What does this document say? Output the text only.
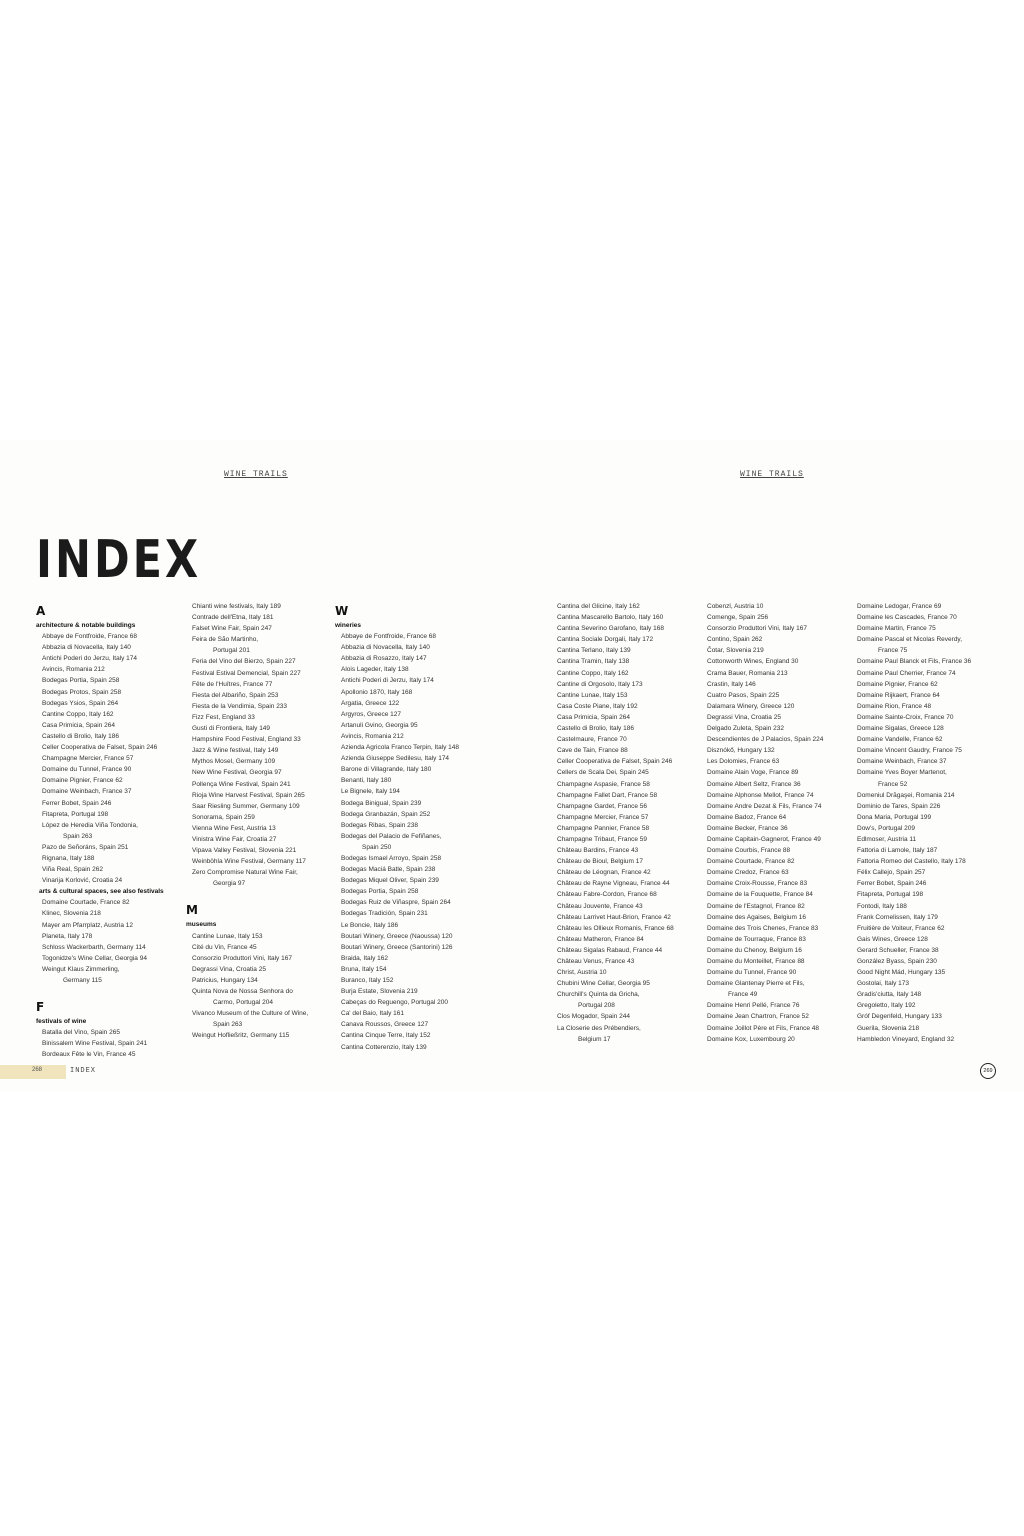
WINE TRAILS	WINE TRAILS
INDEX
A
architecture & notable buildings
Abbaye de Fontfroide, France 68
Abbazia di Novacella, Italy 140
Antichi Poderi do Jerzu, Italy 174
Avincis, Romania 212
Bodegas Portia, Spain 258
Bodegas Protos, Spain 258
Bodegas Ysios, Spain 264
Cantine Coppo, Italy 162
Casa Primicia, Spain 264
Castello di Brolio, Italy 186
Celler Cooperativa de Falset, Spain 246
Champagne Mercier, France 57
Domaine du Tunnel, France 90
Domaine Pignier, France 62
Domaine Weinbach, France 37
Ferrer Bobet, Spain 246
Fitapreta, Portugal 198
López de Heredia Viña Tondonia,
Spain 263
Pazo de Señoráns, Spain 251
Rignana, Italy 188
Viña Real, Spain 262
Vinarija Korlović, Croatia 24
arts & cultural spaces, see also festivals
Domaine Courtade, France 82
Klinec, Slovenia 218
Mayer am Pfarrplatz, Austria 12
Planeta, Italy 178
Schloss Wackerbarth, Germany 114
Togonidze's Wine Cellar, Georgia 94
Weingut Klaus Zimmerling,
Germany 115
F
festivals of wine
Batalla del Vino, Spain 265
Binissalem Wine Festival, Spain 241
Bordeaux Fête le Vin, France 45
Chianti wine festivals, Italy 189
Contrade dell'Etna, Italy 181
Falset Wine Fair, Spain 247
Feira de São Martinho,
Portugal 201
Feria del Vino del Bierzo, Spain 227
Festival Estival Demencial, Spain 227
Fête de l'Huîtres, France 77
Fiesta del Albariño, Spain 253
Fiesta de la Vendimia, Spain 233
Fizz Fest, England 33
Gusti di Frontiera, Italy 149
Hampshire Food Festival, England 33
Jazz & Wine festival, Italy 149
Mythos Mosel, Germany 109
New Wine Festival, Georgia 97
Pollença Wine Festival, Spain 241
Rioja Wine Harvest Festival, Spain 265
Saar Riesling Summer, Germany 109
Sonorama, Spain 259
Vienna Wine Fest, Austria 13
Vinistra Wine Fair, Croatia 27
Vipava Valley Festival, Slovenia 221
Weinböhla Wine Festival, Germany 117
Zero Compromise Natural Wine Fair,
Georgia 97
M
museums
Cantine Lunae, Italy 153
Cité du Vin, France 45
Consorzio Produttori Vini, Italy 167
Degrassi Vina, Croatia 25
Patricius, Hungary 134
Quinta Nova de Nossa Senhora do
Carmo, Portugal 204
Vivanco Museum of the Culture of Wine,
Spain 263
Weingut Hofließritz, Germany 115
W
wineries
Abbaye de Fontfroide, France 68
Abbazia di Novacella, Italy 140
Abbazia di Rosazzo, Italy 147
Alois Lageder, Italy 138
Antichi Poderi di Jerzu, Italy 174
Apollonio 1870, Italy 168
Argatia, Greece 122
Argyros, Greece 127
Artanuli Gvino, Georgia 95
Avincis, Romania 212
Azienda Agricola Franco Terpin, Italy 148
Azienda Giuseppe Sedilesu, Italy 174
Barone di Villagrande, Italy 180
Benanti, Italy 180
Le Bignele, Italy 194
Bodega Binigual, Spain 239
Bodega Granbazán, Spain 252
Bodegas Ribas, Spain 238
Bodegas del Palacio de Fefiñanes,
Spain 250
Bodegas Ismael Arroyo, Spain 258
Bodegas Maciá Batle, Spain 238
Bodegas Miquel Oliver, Spain 239
Bodegas Portia, Spain 258
Bodegas Ruiz de Viñaspre, Spain 264
Bodegas Tradición, Spain 231
Le Boncie, Italy 186
Boutari Winery, Greece (Naoussa) 120
Boutari Winery, Greece (Santorini) 126
Braida, Italy 162
Bruna, Italy 154
Buranco, Italy 152
Burja Estate, Slovenia 219
Cabeças do Reguengo, Portugal 200
Ca' del Baio, Italy 161
Canava Roussos, Greece 127
Cantina Cinque Terre, Italy 152
Cantina Cotterenzio, Italy 139
Cantina del Glicine, Italy 162
Cantina Mascarello Bartolo, Italy 160
Cantina Severino Garofano, Italy 168
Cantina Sociale Dorgali, Italy 172
Cantina Terlano, Italy 139
Cantina Tramin, Italy 138
Cantine Coppo, Italy 162
Cantine di Orgosolo, Italy 173
Cantine Lunae, Italy 153
Casa Coste Piane, Italy 192
Casa Primicia, Spain 264
Castello di Brolio, Italy 186
Castelmaure, France 70
Cave de Tain, France 88
Celler Cooperativa de Falset, Spain 246
Cellers de Scala Dei, Spain 245
Champagne Aspasie, France 58
Champagne Fallet Dart, France 58
Champagne Gardet, France 56
Champagne Mercier, France 57
Champagne Pannier, France 58
Champagne Tribaut, France 59
Château Bardins, France 43
Château de Bioul, Belgium 17
Château de Léognan, France 42
Château de Rayne Vigneau, France 44
Château Fabre-Cordon, France 68
Château Jouvente, France 43
Château Larrivet Haut-Brion, France 42
Château les Ollieux Romanis, France 68
Château Matheron, France 84
Château Sigalas Rabaud, France 44
Château Venus, France 43
Christ, Austria 10
Chubini Wine Cellar, Georgia 95
Churchill's Quinta da Gricha,
Portugal 208
Clos Mogador, Spain 244
La Closerie des Prébendiers,
Belgium 17
Cobenzl, Austria 10
Comenge, Spain 256
Consorzio Produttori Vini, Italy 167
Contino, Spain 262
Čotar, Slovenia 219
Cottonworth Wines, England 30
Crama Bauer, Romania 213
Crastin, Italy 146
Cuatro Pasos, Spain 225
Dalamara Winery, Greece 120
Degrassi Vina, Croatia 25
Delgado Zuleta, Spain 232
Descendientes de J Palacios, Spain 224
Disznókő, Hungary 132
Les Dolomies, France 63
Domaine Alain Voge, France 89
Domaine Albert Seltz, France 36
Domaine Alphonse Mellot, France 74
Domaine Andre Dezat & Fils, France 74
Domaine Badoz, France 64
Domaine Becker, France 36
Domaine Capitain-Gagnerot, France 49
Domaine Courbis, France 88
Domaine Courtade, France 82
Domaine Credoz, France 63
Domaine Croix-Rousse, France 83
Domaine de la Fouquette, France 84
Domaine de l'Estagnol, France 82
Domaine des Agaises, Belgium 16
Domaine des Trois Chenes, France 83
Domaine de Tourraque, France 83
Domaine du Chenoy, Belgium 16
Domaine du Monteillet, France 88
Domaine du Tunnel, France 90
Domaine Glantenay Pierre et Fils,
France 49
Domaine Henri Pellé, France 76
Domaine Jean Chartron, France 52
Domaine Joillot Père et Fils, France 48
Domaine Kox, Luxembourg 20
Domaine Ledogar, France 69
Domaine les Cascades, France 70
Domaine Martin, France 75
Domaine Pascal et Nicolas Reverdy,
France 75
Domaine Paul Blanck et Fils, France 36
Domaine Paul Cherrier, France 74
Domaine Pignier, France 62
Domaine Rijkaert, France 64
Domaine Rion, France 48
Domaine Sainte-Croix, France 70
Domaine Sigalas, Greece 128
Domaine Vandelle, France 62
Domaine Vincent Gaudry, France 75
Domaine Weinbach, France 37
Domaine Yves Boyer Martenot,
France 52
Domeniul Drăgaşei, Romania 214
Dominio de Tares, Spain 226
Dona Maria, Portugal 199
Dow's, Portugal 209
Edlmoser, Austria 11
Fattoria di Lamole, Italy 187
Fattoria Romeo del Castello, Italy 178
Félix Callejo, Spain 257
Ferrer Bobet, Spain 246
Fitapreta, Portugal 198
Fontodi, Italy 188
Frank Cornelissen, Italy 179
Fruitière de Voiteur, France 62
Gais Wines, Greece 128
Gerard Schueller, France 38
González Byass, Spain 230
Good Night Mád, Hungary 135
Gostolai, Italy 173
Gradis'ciutta, Italy 148
Gregoletto, Italy 192
Gróf Degenfeld, Hungary 133
Guerila, Slovenia 218
Hambledon Vineyard, England 32
268	INDEX	269
